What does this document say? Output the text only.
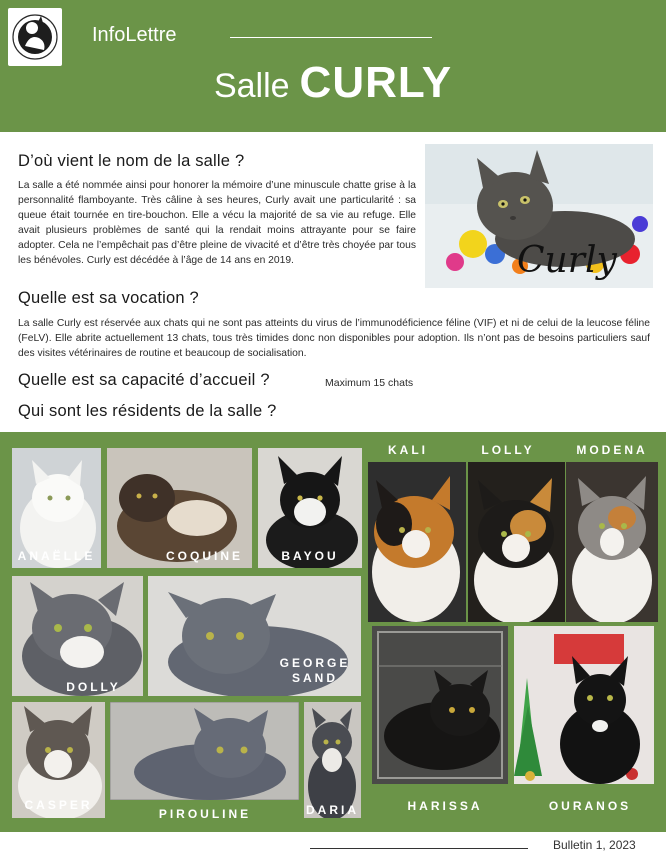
InfoLettre
Salle CURLY
D’où vient le nom de la salle ?

La salle a été nommée ainsi pour honorer la mémoire d’une minuscule chatte grise à la personnalité flamboyante. Très câline à ses heures, Curly avait une particularité : sa queue était tournée en tire-bouchon. Elle a vécu la majorité de sa vie au refuge. Elle avait plusieurs problèmes de santé qui la rendait moins attrayante pour se faire adopter. Cela ne l’empêchait pas d’être pleine de vivacité et d’être très choyée par tous les bénévoles. Curly est décédée à l’âge de 14 ans en 2019.	Curly
Quelle est sa vocation ?

La salle Curly est réservée aux chats qui ne sont pas atteints du virus de l’immunodéficience féline (VIF) et ni de celui de la leucose féline (FeLV). Elle abrite actuellement 13 chats, tous très timides donc non disponibles pour adoption. Ils n’ont pas de besoins particuliers sauf des visites vétérinaires de routine et beaucoup de socialisation.

Quelle est sa capacité d’accueil ?	Maximum 15 chats
Qui sont les résidents de la salle ?
ANAËLLE	COQUINE	BAYOU
KALI	LOLLY	MODENA
DOLLY
GEORGE SAND
CASPER
PIROULINE	DARIA	HARISSA	OURANOS
Bulletin 1, 2023
